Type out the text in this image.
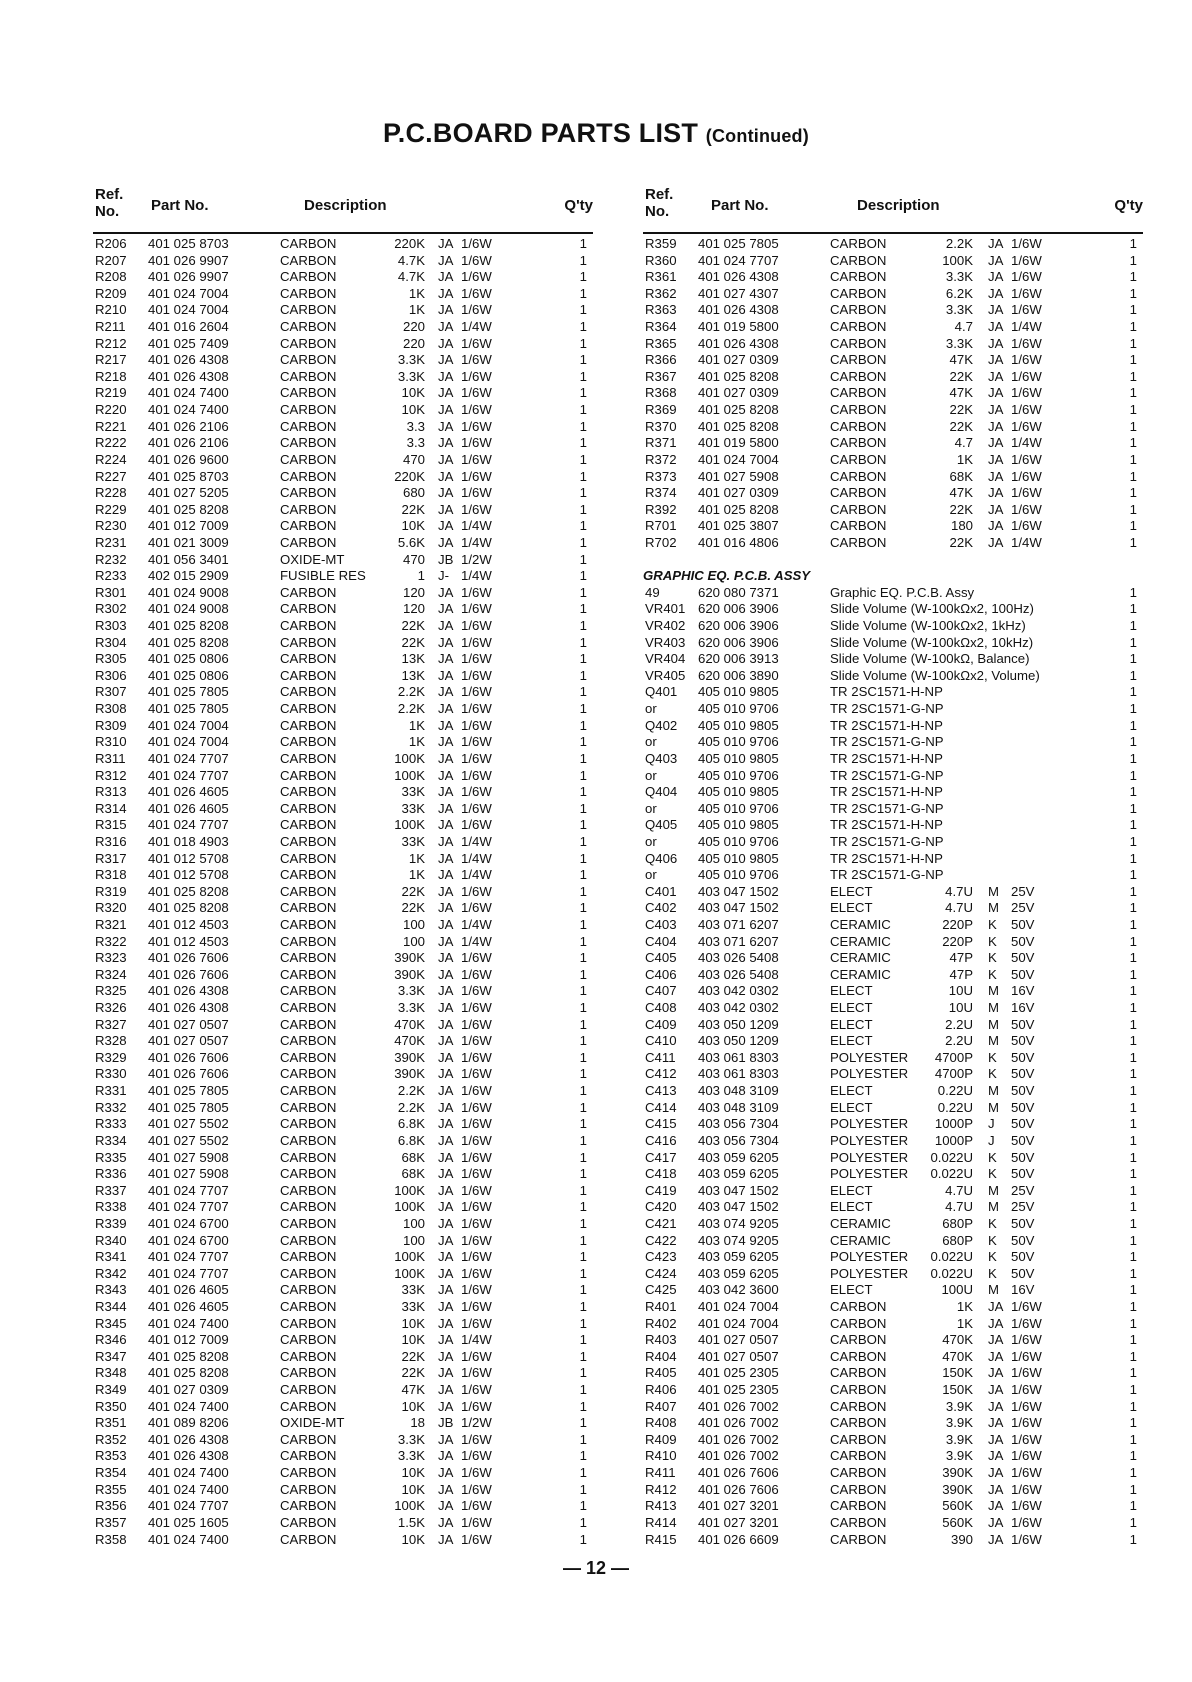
P.C.BOARD PARTS LIST (Continued)
Ref.
No. Part No.	Description	Q'ty
R206 401 025 8703	CARBON	220K JA 1/6W	1
R207 401 026 9907	CARBON	4.7K JA 1/6W	1
R208 401 026 9907	CARBON	4.7K JA 1/6W	1
R209 401 024 7004	CARBON	1K JA 1/6W	1
R210 401 024 7004	CARBON	1K JA 1/6W	1
R211 401 016 2604	CARBON	220 JA 1/4W	1
R212 401 025 7409	CARBON	220 JA 1/6W	1
R217 401 026 4308	CARBON	3.3K JA 1/6W	1
R218 401 026 4308	CARBON	3.3K JA 1/6W	1
R219 401 024 7400	CARBON	10K JA 1/6W	1
R220 401 024 7400	CARBON	10K JA 1/6W	1
R221 401 026 2106	CARBON	3.3 JA 1/6W	1
R222 401 026 2106	CARBON	3.3 JA 1/6W	1
R224 401 026 9600	CARBON	470 JA 1/6W	1
R227 401 025 8703	CARBON	220K JA 1/6W	1
R228 401 027 5205	CARBON	680 JA 1/6W	1
R229 401 025 8208	CARBON	22K JA 1/6W	1
R230 401 012 7009	CARBON	10K JA 1/4W	1
R231 401 021 3009	CARBON	5.6K JA 1/4W	1
R232 401 056 3401	OXIDE-MT	470 JB 1/2W	1
R233 402 015 2909	FUSIBLE RES	1 J- 1/4W	1
R301 401 024 9008	CARBON	120 JA 1/6W	1
R302 401 024 9008	CARBON	120 JA 1/6W	1
R303 401 025 8208	CARBON	22K JA 1/6W	1
R304 401 025 8208	CARBON	22K JA 1/6W	1
R305 401 025 0806	CARBON	13K JA 1/6W	1
R306 401 025 0806	CARBON	13K JA 1/6W	1
R307 401 025 7805	CARBON	2.2K JA 1/6W	1
R308 401 025 7805	CARBON	2.2K JA 1/6W	1
R309 401 024 7004	CARBON	1K JA 1/6W	1
R310 401 024 7004	CARBON	1K JA 1/6W	1
R311 401 024 7707	CARBON	100K JA 1/6W	1
R312 401 024 7707	CARBON	100K JA 1/6W	1
R313 401 026 4605	CARBON	33K JA 1/6W	1
R314 401 026 4605	CARBON	33K JA 1/6W	1
R315 401 024 7707	CARBON	100K JA 1/6W	1
R316 401 018 4903	CARBON	33K JA 1/4W	1
R317 401 012 5708	CARBON	1K JA 1/4W	1
R318 401 012 5708	CARBON	1K JA 1/4W	1
R319 401 025 8208	CARBON	22K JA 1/6W	1
R320 401 025 8208	CARBON	22K JA 1/6W	1
R321 401 012 4503	CARBON	100 JA 1/4W	1
R322 401 012 4503	CARBON	100 JA 1/4W	1
R323 401 026 7606	CARBON	390K JA 1/6W	1
R324 401 026 7606	CARBON	390K JA 1/6W	1
R325 401 026 4308	CARBON	3.3K JA 1/6W	1
R326 401 026 4308	CARBON	3.3K JA 1/6W	1
R327 401 027 0507	CARBON	470K JA 1/6W	1
R328 401 027 0507	CARBON	470K JA 1/6W	1
R329 401 026 7606	CARBON	390K JA 1/6W	1
R330 401 026 7606	CARBON	390K JA 1/6W	1
R331 401 025 7805	CARBON	2.2K JA 1/6W	1
R332 401 025 7805	CARBON	2.2K JA 1/6W	1
R333 401 027 5502	CARBON	6.8K JA 1/6W	1
R334 401 027 5502	CARBON	6.8K JA 1/6W	1
R335 401 027 5908	CARBON	68K JA 1/6W	1
R336 401 027 5908	CARBON	68K JA 1/6W	1
R337 401 024 7707	CARBON	100K JA 1/6W	1
R338 401 024 7707	CARBON	100K JA 1/6W	1
R339 401 024 6700	CARBON	100 JA 1/6W	1
R340 401 024 6700	CARBON	100 JA 1/6W	1
R341 401 024 7707	CARBON	100K JA 1/6W	1
R342 401 024 7707	CARBON	100K JA 1/6W	1
R343 401 026 4605	CARBON	33K JA 1/6W	1
R344 401 026 4605	CARBON	33K JA 1/6W	1
R345 401 024 7400	CARBON	10K JA 1/6W	1
R346 401 012 7009	CARBON	10K JA 1/4W	1
R347 401 025 8208	CARBON	22K JA 1/6W	1
R348 401 025 8208	CARBON	22K JA 1/6W	1
R349 401 027 0309	CARBON	47K JA 1/6W	1
R350 401 024 7400	CARBON	10K JA 1/6W	1
R351 401 089 8206	OXIDE-MT	18 JB 1/2W	1
R352 401 026 4308	CARBON	3.3K JA 1/6W	1
R353 401 026 4308	CARBON	3.3K JA 1/6W	1
R354 401 024 7400	CARBON	10K JA 1/6W	1
R355 401 024 7400	CARBON	10K JA 1/6W	1
R356 401 024 7707	CARBON	100K JA 1/6W	1
R357 401 025 1605	CARBON	1.5K JA 1/6W	1
R358 401 024 7400	CARBON	10K JA 1/6W	1
Ref.
No.	Part No.	Description	Q'ty
R359 401 025 7805	CARBON	2.2K JA 1/6W	1
R360 401 024 7707	CARBON	100K JA 1/6W	1
R361 401 026 4308	CARBON	3.3K JA 1/6W	1
R362 401 027 4307	CARBON	6.2K JA 1/6W	1
R363 401 026 4308	CARBON	3.3K JA 1/6W	1
R364 401 019 5800	CARBON	4.7 JA 1/4W	1
R365 401 026 4308	CARBON	3.3K JA 1/6W	1
R366 401 027 0309	CARBON	47K JA 1/6W	1
R367 401 025 8208	CARBON	22K JA 1/6W	1
R368 401 027 0309	CARBON	47K JA 1/6W	1
R369 401 025 8208	CARBON	22K JA 1/6W	1
R370 401 025 8208	CARBON	22K JA 1/6W	1
R371 401 019 5800	CARBON	4.7 JA 1/4W	1
R372 401 024 7004	CARBON	1K JA 1/6W	1
R373 401 027 5908	CARBON	68K JA 1/6W	1
R374 401 027 0309	CARBON	47K JA 1/6W	1
R392 401 025 8208	CARBON	22K JA 1/6W	1
R701 401 025 3807	CARBON	180 JA 1/6W	1
R702 401 016 4806	CARBON	22K JA 1/4W	1
GRAPHIC EQ. P.C.B. ASSY
49	620 080 7371	Graphic EQ. P.C.B. Assy	1
VR401 620 006 3906	Slide Volume (W-100kΩx2, 100Hz)	1
VR402 620 006 3906	Slide Volume (W-100kΩx2, 1kHz)	1
VR403 620 006 3906	Slide Volume (W-100kΩx2, 10kHz)	1
VR404 620 006 3913	Slide Volume (W-100kΩ, Balance)	1
VR405 620 006 3890	Slide Volume (W-100kΩx2, Volume)	1
Q401 405 010 9805	TR 2SC1571-H-NP	1
or	405 010 9706	TR 2SC1571-G-NP	1
Q402 405 010 9805	TR 2SC1571-H-NP	1
or	405 010 9706	TR 2SC1571-G-NP	1
Q403 405 010 9805	TR 2SC1571-H-NP	1
or	405 010 9706	TR 2SC1571-G-NP	1
Q404 405 010 9805	TR 2SC1571-H-NP	1
or	405 010 9706	TR 2SC1571-G-NP	1
Q405 405 010 9805	TR 2SC1571-H-NP	1
or	405 010 9706	TR 2SC1571-G-NP	1
Q406 405 010 9805	TR 2SC1571-H-NP	1
or	405 010 9706	TR 2SC1571-G-NP	1
C401 403 047 1502	ELECT	4.7U M 25V	1
C402 403 047 1502	ELECT	4.7U M 25V	1
C403 403 071 6207	CERAMIC	220P K 50V	1
C404 403 071 6207	CERAMIC	220P K 50V	1
C405 403 026 5408	CERAMIC	47P K 50V	1
C406 403 026 5408	CERAMIC	47P K 50V	1
C407 403 042 0302	ELECT	10U M 16V	1
C408 403 042 0302	ELECT	10U M 16V	1
C409 403 050 1209	ELECT	2.2U M 50V	1
C410 403 050 1209	ELECT	2.2U M 50V	1
C411 403 061 8303	POLYESTER 4700P K 50V	1
C412 403 061 8303	POLYESTER 4700P K 50V	1
C413 403 048 3109	ELECT	0.22U M 50V	1
C414 403 048 3109	ELECT	0.22U M 50V	1
C415 403 056 7304	POLYESTER 1000P J 50V	1
C416 403 056 7304	POLYESTER 1000P J 50V	1
C417 403 059 6205	POLYESTER 0.022U K 50V	1
C418 403 059 6205	POLYESTER 0.022U K 50V	1
C419 403 047 1502	ELECT	4.7U M 25V	1
C420 403 047 1502	ELECT	4.7U M 25V	1
C421 403 074 9205	CERAMIC	680P K 50V	1
C422 403 074 9205	CERAMIC	680P K 50V	1
C423 403 059 6205	POLYESTER 0.022U K 50V	1
C424 403 059 6205	POLYESTER 0.022U K 50V	1
C425 403 042 3600	ELECT	100U M 16V	1
R401 401 024 7004	CARBON	1K JA 1/6W	1
R402 401 024 7004	CARBON	1K JA 1/6W	1
R403 401 027 0507	CARBON	470K JA 1/6W	1
R404 401 027 0507	CARBON	470K JA 1/6W	1
R405 401 025 2305	CARBON	150K JA 1/6W	1
R406 401 025 2305	CARBON	150K JA 1/6W	1
R407 401 026 7002	CARBON	3.9K JA 1/6W	1
R408 401 026 7002	CARBON	3.9K JA 1/6W	1
R409 401 026 7002	CARBON	3.9K JA 1/6W	1
R410 401 026 7002	CARBON	3.9K JA 1/6W	1
R411 401 026 7606	CARBON	390K JA 1/6W	1
R412 401 026 7606	CARBON	390K JA 1/6W	1
R413 401 027 3201	CARBON	560K JA 1/6W	1
R414 401 027 3201	CARBON	560K JA 1/6W	1
R415 401 026 6609	CARBON	390 JA 1/6W	1
— 12 —
